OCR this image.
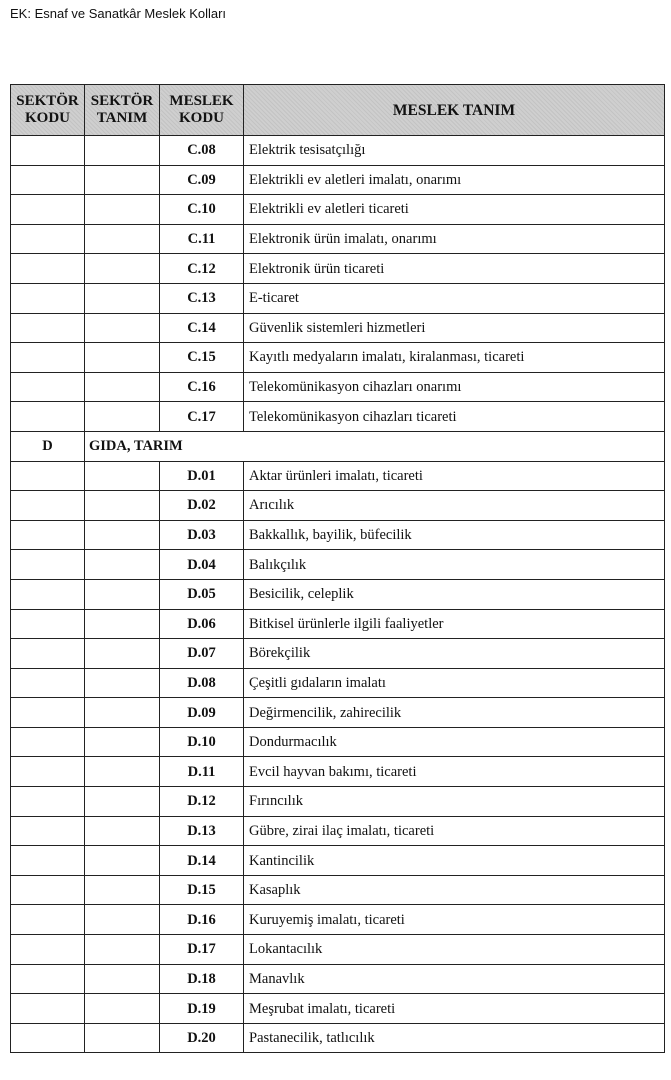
EK: Esnaf ve Sanatkâr Meslek Kolları
SEKTÖR KODU	SEKTÖR TANIM	MESLEK KODU	MESLEK TANIM
		C.08	Elektrik tesisatçılığı
		C.09	Elektrikli ev aletleri imalatı, onarımı
		C.10	Elektrikli ev aletleri ticareti
		C.11	Elektronik ürün imalatı, onarımı
		C.12	Elektronik ürün ticareti
		C.13	E-ticaret
		C.14	Güvenlik sistemleri hizmetleri
		C.15	Kayıtlı medyaların imalatı, kiralanması, ticareti
		C.16	Telekomünikasyon cihazları onarımı
		C.17	Telekomünikasyon cihazları ticareti
D	GIDA, TARIM		
		D.01	Aktar ürünleri imalatı, ticareti
		D.02	Arıcılık
		D.03	Bakkallık, bayilik, büfecilik
		D.04	Balıkçılık
		D.05	Besicilik, celeplik
		D.06	Bitkisel ürünlerle ilgili faaliyetler
		D.07	Börekçilik
		D.08	Çeşitli gıdaların imalatı
		D.09	Değirmencilik, zahirecilik
		D.10	Dondurmacılık
		D.11	Evcil hayvan bakımı, ticareti
		D.12	Fırıncılık
		D.13	Gübre, zirai ilaç imalatı, ticareti
		D.14	Kantincilik
		D.15	Kasaplık
		D.16	Kuruyemiş imalatı, ticareti
		D.17	Lokantacılık
		D.18	Manavlık
		D.19	Meşrubat imalatı, ticareti
		D.20	Pastanecilik, tatlıcılık
